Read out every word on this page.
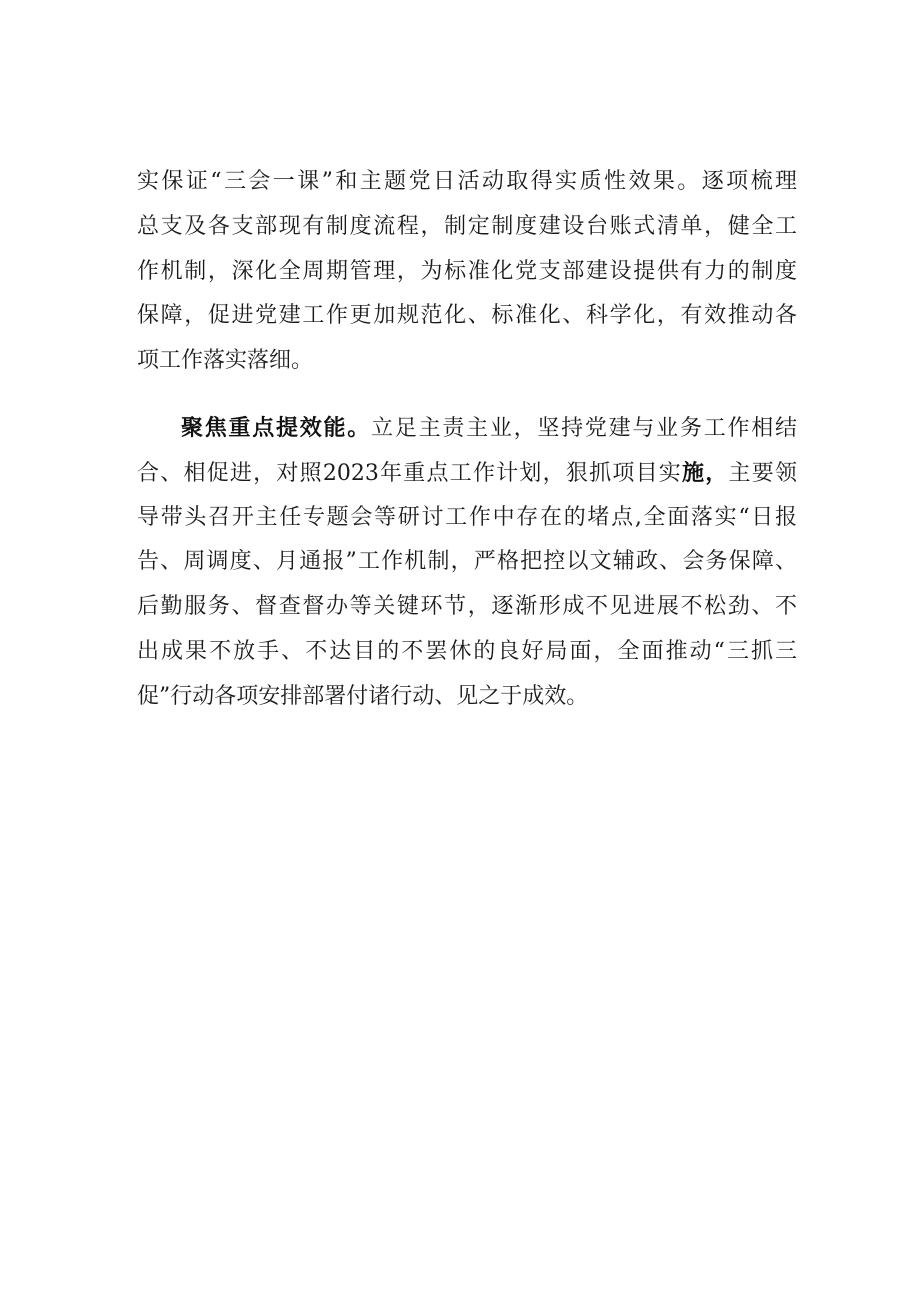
实保证“三会一课”和主题党日活动取得实质性效果。逐项梳理
总支及各支部现有制度流程，制定制度建设台账式清单，健全工
作机制，深化全周期管理，为标准化党支部建设提供有力的制度
保障，促进党建工作更加规范化、标准化、科学化，有效推动各
项工作落实落细。
聚焦重点提效能。立足主责主业，坚持党建与业务工作相结
合、相促进，对照2023年重点工作计划，狠抓项目实施，主要领
导带头召开主任专题会等研讨工作中存在的堵点,全面落实“日报
告、周调度、月通报”工作机制，严格把控以文辅政、会务保障、
后勤服务、督查督办等关键环节，逐渐形成不见进展不松劲、不
出成果不放手、不达目的不罢休的良好局面，全面推动“三抓三
促”行动各项安排部署付诸行动、见之于成效。
